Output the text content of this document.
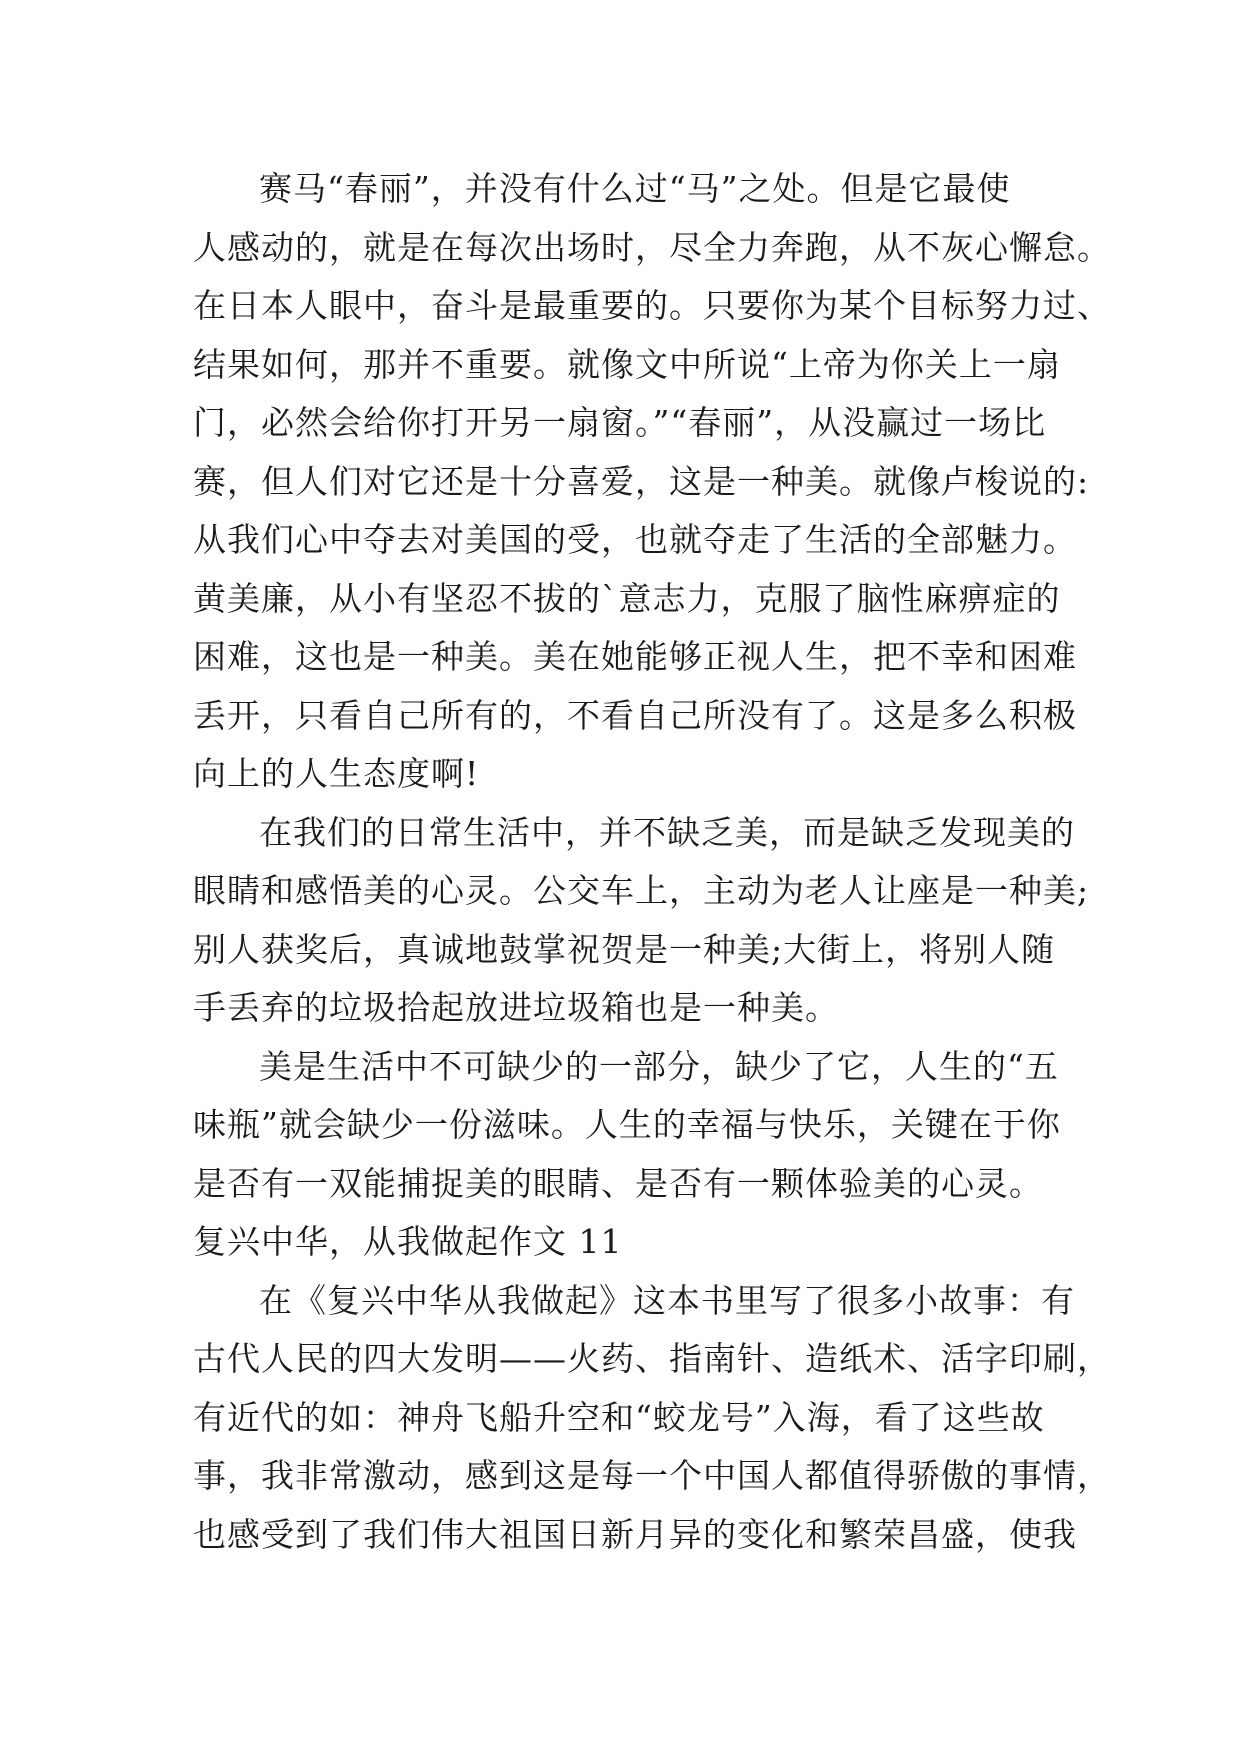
赛马“春丽”，并没有什么过“马”之处。但是它最使
人感动的，就是在每次出场时，尽全力奔跑，从不灰心懈怠。
在日本人眼中，奋斗是最重要的。只要你为某个目标努力过、
结果如何，那并不重要。就像文中所说“上帝为你关上一扇
门，必然会给你打开另一扇窗。”“春丽”，从没赢过一场比
赛，但人们对它还是十分喜爱，这是一种美。就像卢梭说的:
从我们心中夺去对美国的受，也就夺走了生活的全部魅力。
黄美廉，从小有坚忍不拔的`意志力，克服了脑性麻痹症的
困难，这也是一种美。美在她能够正视人生，把不幸和困难
丢开，只看自己所有的，不看自己所没有了。这是多么积极
向上的人生态度啊!
在我们的日常生活中，并不缺乏美，而是缺乏发现美的
眼睛和感悟美的心灵。公交车上，主动为老人让座是一种美;
别人获奖后，真诚地鼓掌祝贺是一种美;大街上，将别人随
手丢弃的垃圾拾起放进垃圾箱也是一种美。
美是生活中不可缺少的一部分，缺少了它，人生的“五
味瓶”就会缺少一份滋味。人生的幸福与快乐，关键在于你
是否有一双能捕捉美的眼睛、是否有一颗体验美的心灵。
复兴中华，从我做起作文 11
在《复兴中华从我做起》这本书里写了很多小故事：有
古代人民的四大发明——火药、指南针、造纸术、活字印刷，
有近代的如：神舟飞船升空和“蛟龙号”入海，看了这些故
事，我非常激动，感到这是每一个中国人都值得骄傲的事情，
也感受到了我们伟大祖国日新月异的变化和繁荣昌盛，使我
